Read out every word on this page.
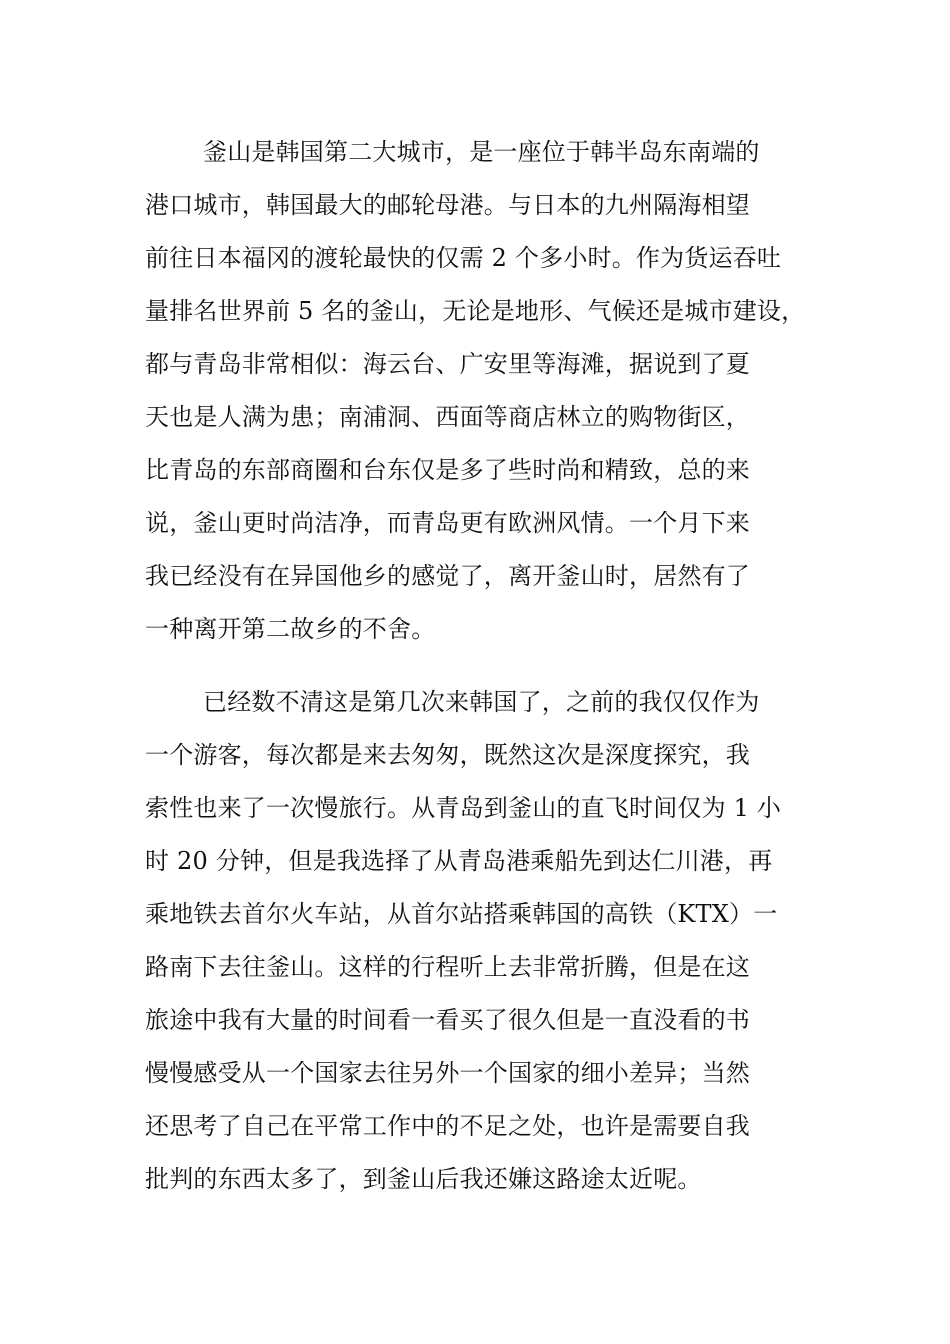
釜山是韩国第二大城市，是一座位于韩半岛东南端的
港口城市，韩国最大的邮轮母港。与日本的九州隔海相望
前往日本福冈的渡轮最快的仅需 2 个多小时。作为货运吞吐
量排名世界前 5 名的釜山，无论是地形、气候还是城市建设，
都与青岛非常相似：海云台、广安里等海滩，据说到了夏
天也是人满为患；南浦洞、西面等商店林立的购物街区，
比青岛的东部商圈和台东仅是多了些时尚和精致，总的来
说，釜山更时尚洁净，而青岛更有欧洲风情。一个月下来
我已经没有在异国他乡的感觉了，离开釜山时，居然有了
一种离开第二故乡的不舍。
已经数不清这是第几次来韩国了，之前的我仅仅作为
一个游客，每次都是来去匆匆，既然这次是深度探究，我
索性也来了一次慢旅行。从青岛到釜山的直飞时间仅为 1 小
时 20 分钟，但是我选择了从青岛港乘船先到达仁川港，再
乘地铁去首尔火车站，从首尔站搭乘韩国的高铁（KTX）一
路南下去往釜山。这样的行程听上去非常折腾，但是在这
旅途中我有大量的时间看一看买了很久但是一直没看的书
慢慢感受从一个国家去往另外一个国家的细小差异；当然
还思考了自己在平常工作中的不足之处，也许是需要自我
批判的东西太多了，到釜山后我还嫌这路途太近呢。
